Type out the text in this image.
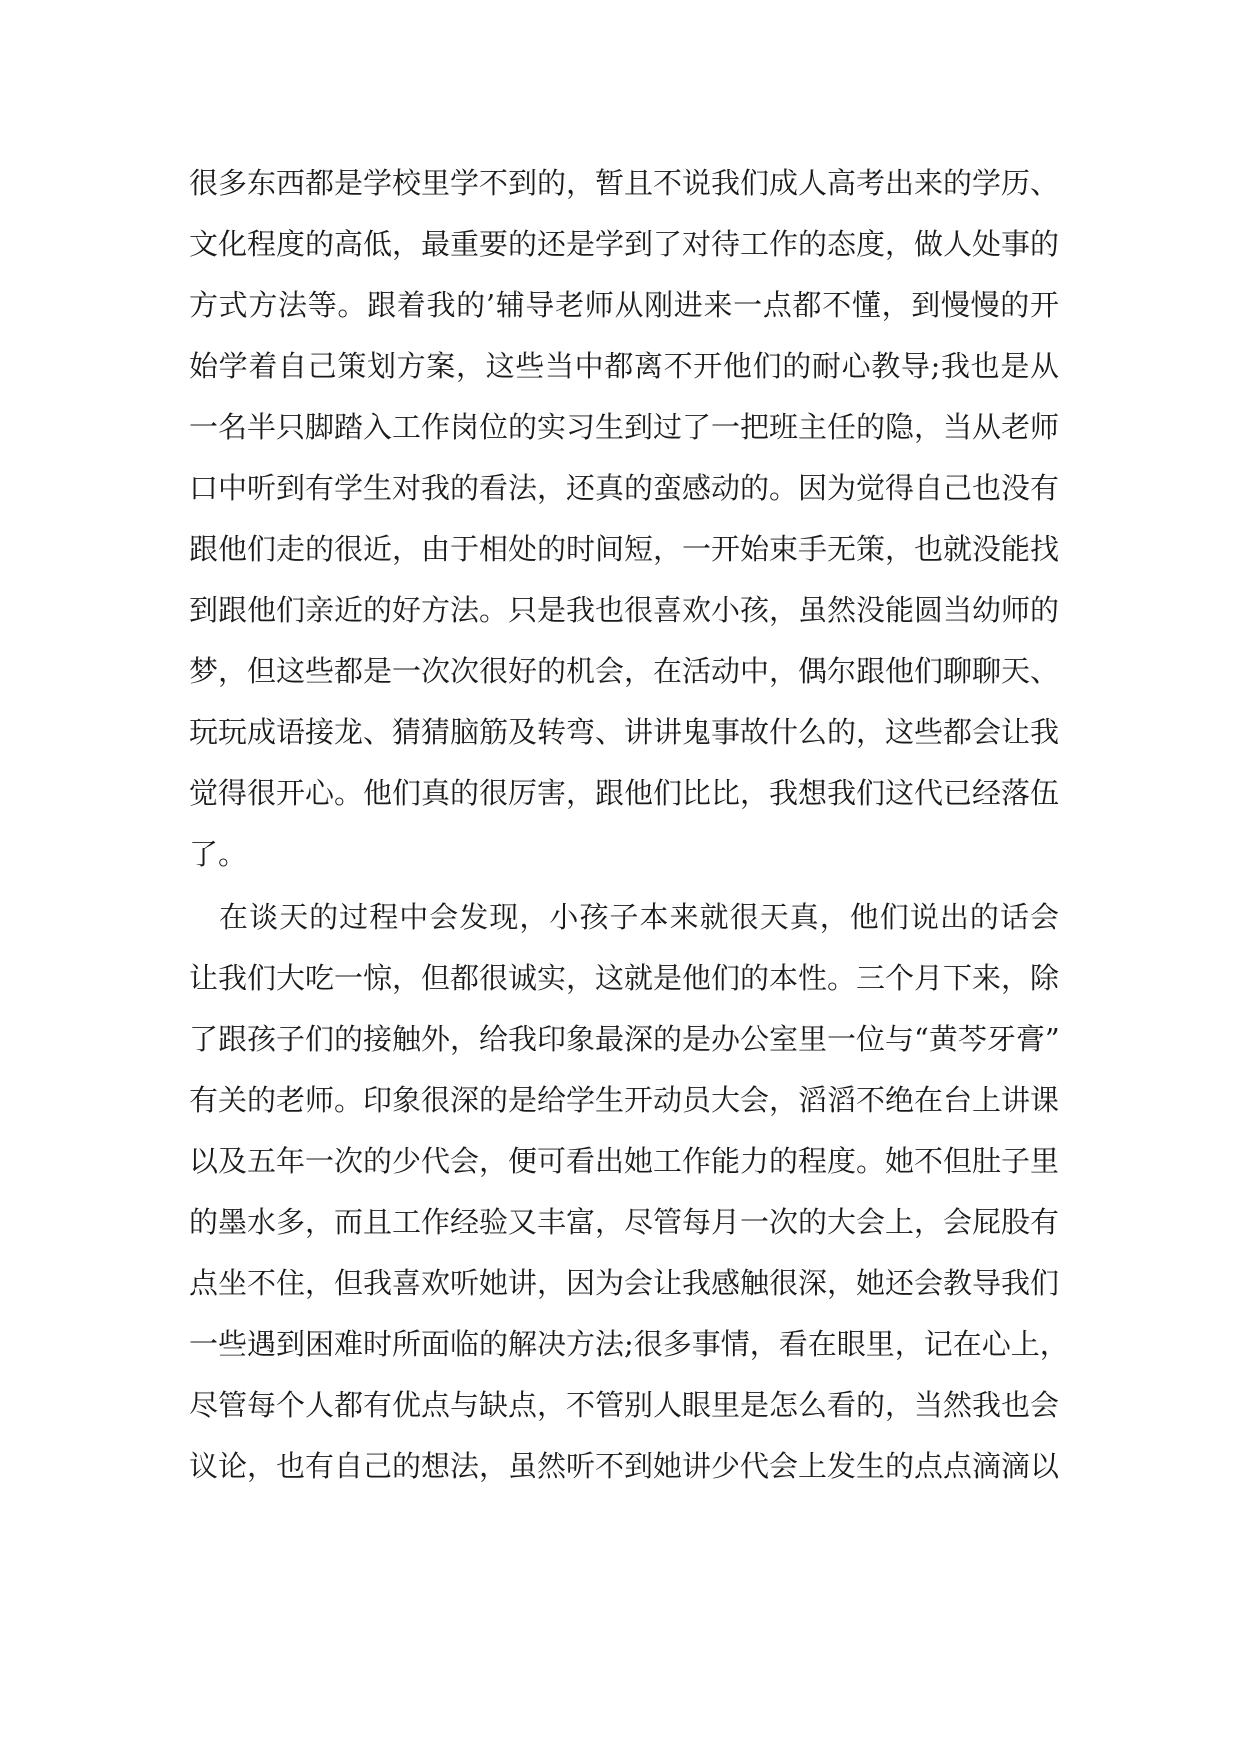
很多东西都是学校里学不到的，暂且不说我们成人高考出来的学历、
文化程度的高低，最重要的还是学到了对待工作的态度，做人处事的
方式方法等。跟着我的’辅导老师从刚进来一点都不懂，到慢慢的开
始学着自己策划方案，这些当中都离不开他们的耐心教导;我也是从
一名半只脚踏入工作岗位的实习生到过了一把班主任的隐，当从老师
口中听到有学生对我的看法，还真的蛮感动的。因为觉得自己也没有
跟他们走的很近，由于相处的时间短，一开始束手无策，也就没能找
到跟他们亲近的好方法。只是我也很喜欢小孩，虽然没能圆当幼师的
梦，但这些都是一次次很好的机会，在活动中，偶尔跟他们聊聊天、
玩玩成语接龙、猜猜脑筋及转弯、讲讲鬼事故什么的，这些都会让我
觉得很开心。他们真的很厉害，跟他们比比，我想我们这代已经落伍
了。
　在谈天的过程中会发现，小孩子本来就很天真，他们说出的话会
让我们大吃一惊，但都很诚实，这就是他们的本性。三个月下来，除
了跟孩子们的接触外，给我印象最深的是办公室里一位与“黄芩牙膏”
有关的老师。印象很深的是给学生开动员大会，滔滔不绝在台上讲课
以及五年一次的少代会，便可看出她工作能力的程度。她不但肚子里
的墨水多，而且工作经验又丰富，尽管每月一次的大会上，会屁股有
点坐不住，但我喜欢听她讲，因为会让我感触很深，她还会教导我们
一些遇到困难时所面临的解决方法;很多事情，看在眼里，记在心上，
尽管每个人都有优点与缺点，不管别人眼里是怎么看的，当然我也会
议论，也有自己的想法，虽然听不到她讲少代会上发生的点点滴滴以
